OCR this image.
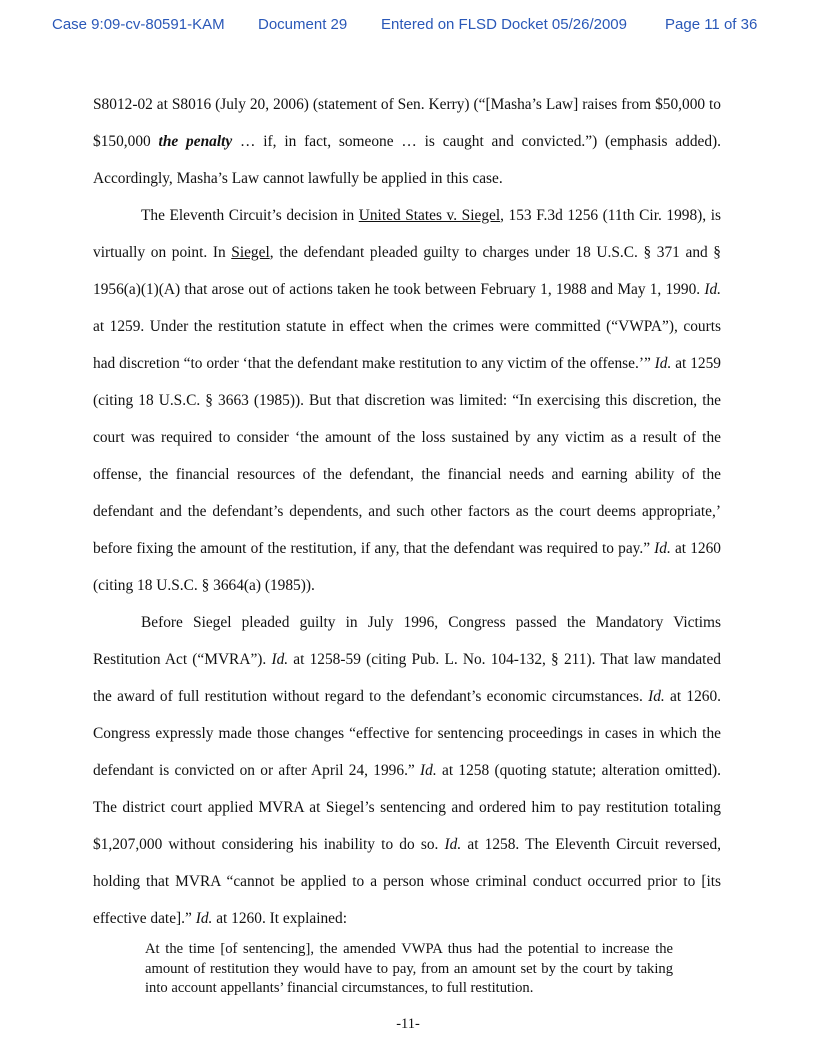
Case 9:09-cv-80591-KAM Document 29 Entered on FLSD Docket 05/26/2009	Page 11 of 36

S8012-02 at S8016 (July 20, 2006) (statement of Sen. Kerry) (“[Masha’s Law] raises from $50,000 to $150,000 the penalty … if, in fact, someone … is caught and convicted.”) (emphasis added). Accordingly, Masha’s Law cannot lawfully be applied in this case.

The Eleventh Circuit’s decision in United States v. Siegel, 153 F.3d 1256 (11th Cir. 1998), is virtually on point. In Siegel, the defendant pleaded guilty to charges under 18 U.S.C. § 371 and § 1956(a)(1)(A) that arose out of actions taken he took between February 1, 1988 and May 1, 1990. Id. at 1259. Under the restitution statute in effect when the crimes were committed (“VWPA”), courts had discretion “to order ‘that the defendant make restitution to any victim of the offense.’” Id. at 1259 (citing 18 U.S.C. § 3663 (1985)). But that discretion was limited: “In exercising this discretion, the court was required to consider ‘the amount of the loss sustained by any victim as a result of the offense, the financial resources of the defendant, the financial needs and earning ability of the defendant and the defendant’s dependents, and such other factors as the court deems appropriate,’ before fixing the amount of the restitution, if any, that the defendant was required to pay.” Id. at 1260 (citing 18 U.S.C. § 3664(a) (1985)).

Before Siegel pleaded guilty in July 1996, Congress passed the Mandatory Victims Restitution Act (“MVRA”). Id. at 1258-59 (citing Pub. L. No. 104-132, § 211). That law mandated the award of full restitution without regard to the defendant’s economic circumstances. Id. at 1260. Congress expressly made those changes “effective for sentencing proceedings in cases in which the defendant is convicted on or after April 24, 1996.” Id. at 1258 (quoting statute; alteration omitted). The district court applied MVRA at Siegel’s sentencing and ordered him to pay restitution totaling $1,207,000 without considering his inability to do so. Id. at 1258. The Eleventh Circuit reversed, holding that MVRA “cannot be applied to a person whose criminal conduct occurred prior to [its effective date].” Id. at 1260. It explained:

At the time [of sentencing], the amended VWPA thus had the potential to increase the amount of restitution they would have to pay, from an amount set by the court by taking into account appellants’ financial circumstances, to full restitution.
-11-
